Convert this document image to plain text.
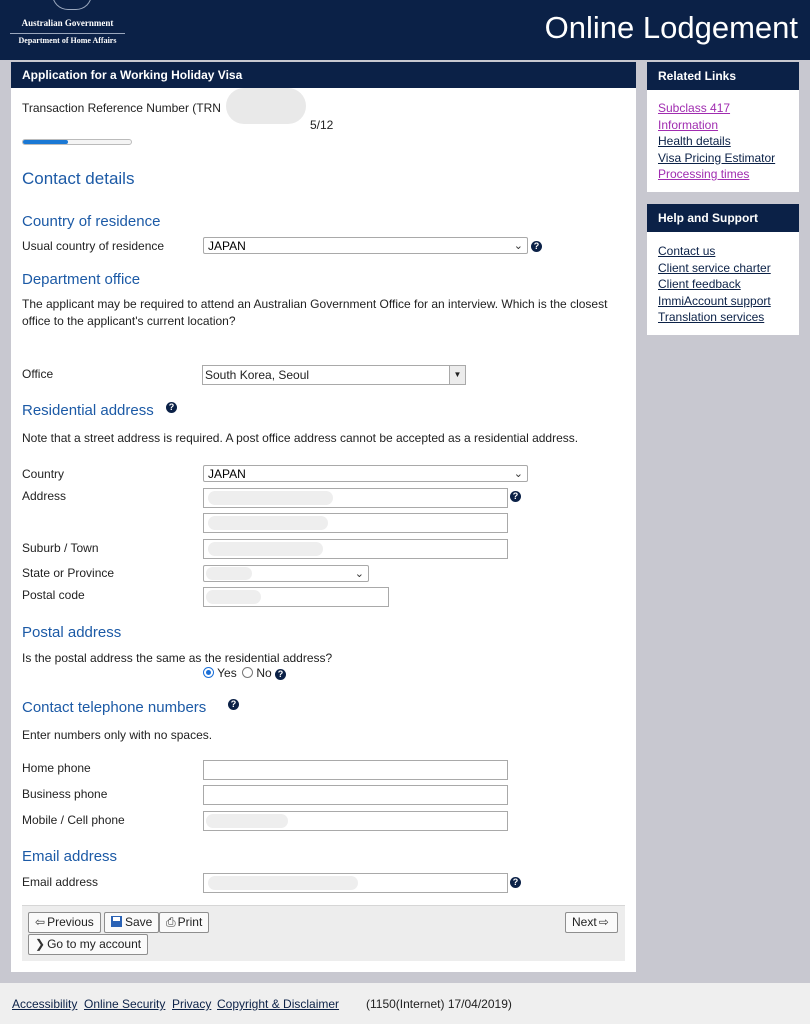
Australian Government
Department of Home Affairs	Online Lodgement
Application for a Working Holiday Visa
Transaction Reference Number (TRN
5/12
Contact details
Country of residence
Usual country of residence	JAPAN	⌄	?
Department office
The applicant may be required to attend an Australian Government Office for an interview. Which is the closest office to the applicant's current location?
Office	South Korea, Seoul	▼
Residential address	?
Note that a street address is required. A post office address cannot be accepted as a residential address.
Country	JAPAN	⌄
Address	?
Suburb / Town
State or Province	⌄
Postal code
Postal address
Is the postal address the same as the residential address?
Yes No ?
Contact telephone numbers	?
Enter numbers only with no spaces.
Home phone
Business phone
Mobile / Cell phone
Email address
Email address	?
⇦ Previous	Save	⎙ Print	Next ⇨
❯ Go to my account
Related Links
Subclass 417
Information
Health details
Visa Pricing Estimator
Processing times
Help and Support
Contact us
Client service charter
Client feedback
ImmiAccount support
Translation services
Accessibility Online Security Privacy Copyright & Disclaimer (1150(Internet) 17/04/2019)
